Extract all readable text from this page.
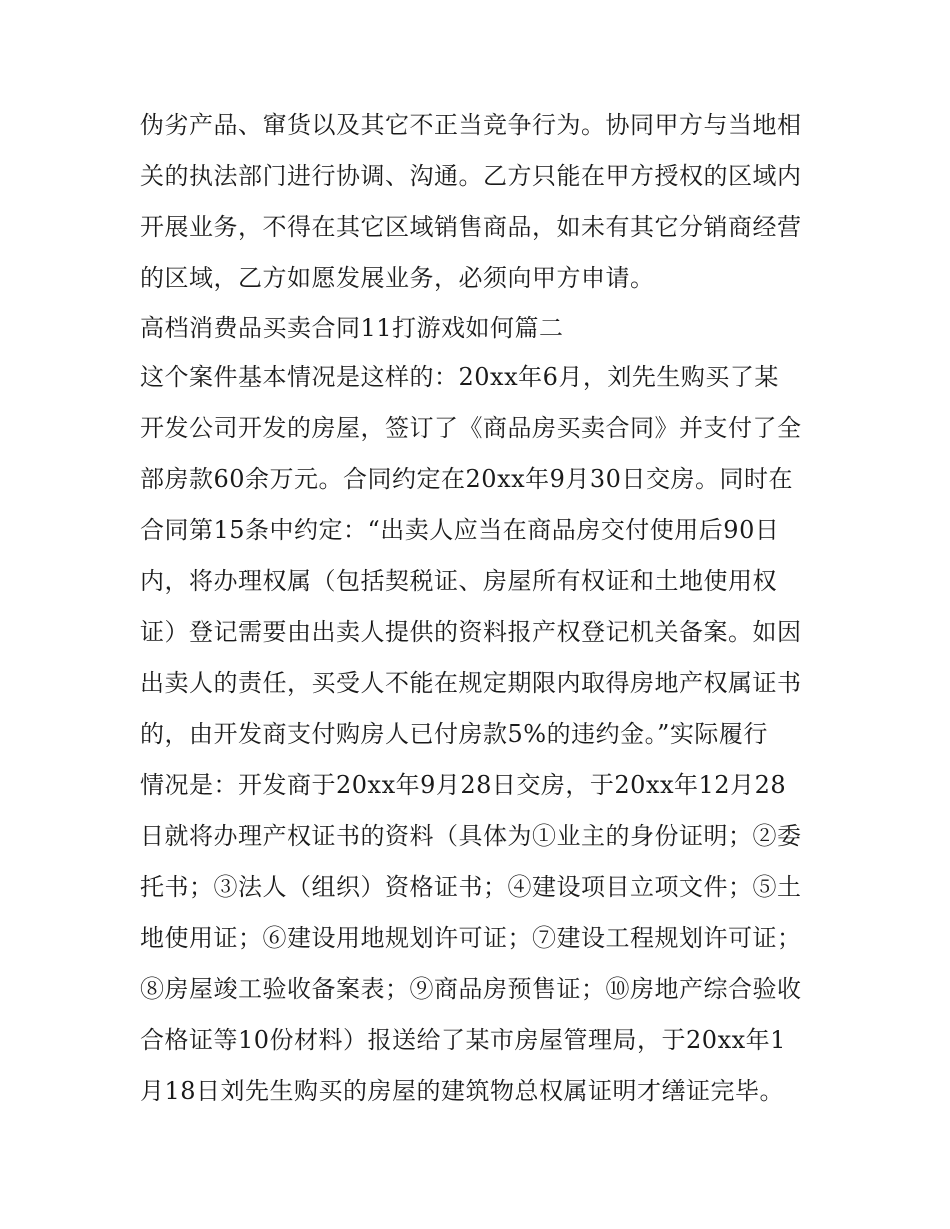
伪劣产品、窜货以及其它不正当竞争行为。协同甲方与当地相
关的执法部门进行协调、沟通。乙方只能在甲方授权的区域内
开展业务，不得在其它区域销售商品，如未有其它分销商经营
的区域，乙方如愿发展业务，必须向甲方申请。
高档消费品买卖合同11打游戏如何篇二
这个案件基本情况是这样的：20xx年6月，刘先生购买了某
开发公司开发的房屋，签订了《商品房买卖合同》并支付了全
部房款60余万元。合同约定在20xx年9月30日交房。同时在
合同第15条中约定：“出卖人应当在商品房交付使用后90日
内，将办理权属（包括契税证、房屋所有权证和土地使用权
证）登记需要由出卖人提供的资料报产权登记机关备案。如因
出卖人的责任，买受人不能在规定期限内取得房地产权属证书
的，由开发商支付购房人已付房款5%的违约金。”实际履行
情况是：开发商于20xx年9月28日交房，于20xx年12月28
日就将办理产权证书的资料（具体为①业主的身份证明；②委
托书；③法人（组织）资格证书；④建设项目立项文件；⑤土
地使用证；⑥建设用地规划许可证；⑦建设工程规划许可证；
⑧房屋竣工验收备案表；⑨商品房预售证；⑩房地产综合验收
合格证等10份材料）报送给了某市房屋管理局，于20xx年1
月18日刘先生购买的房屋的建筑物总权属证明才缮证完毕。
